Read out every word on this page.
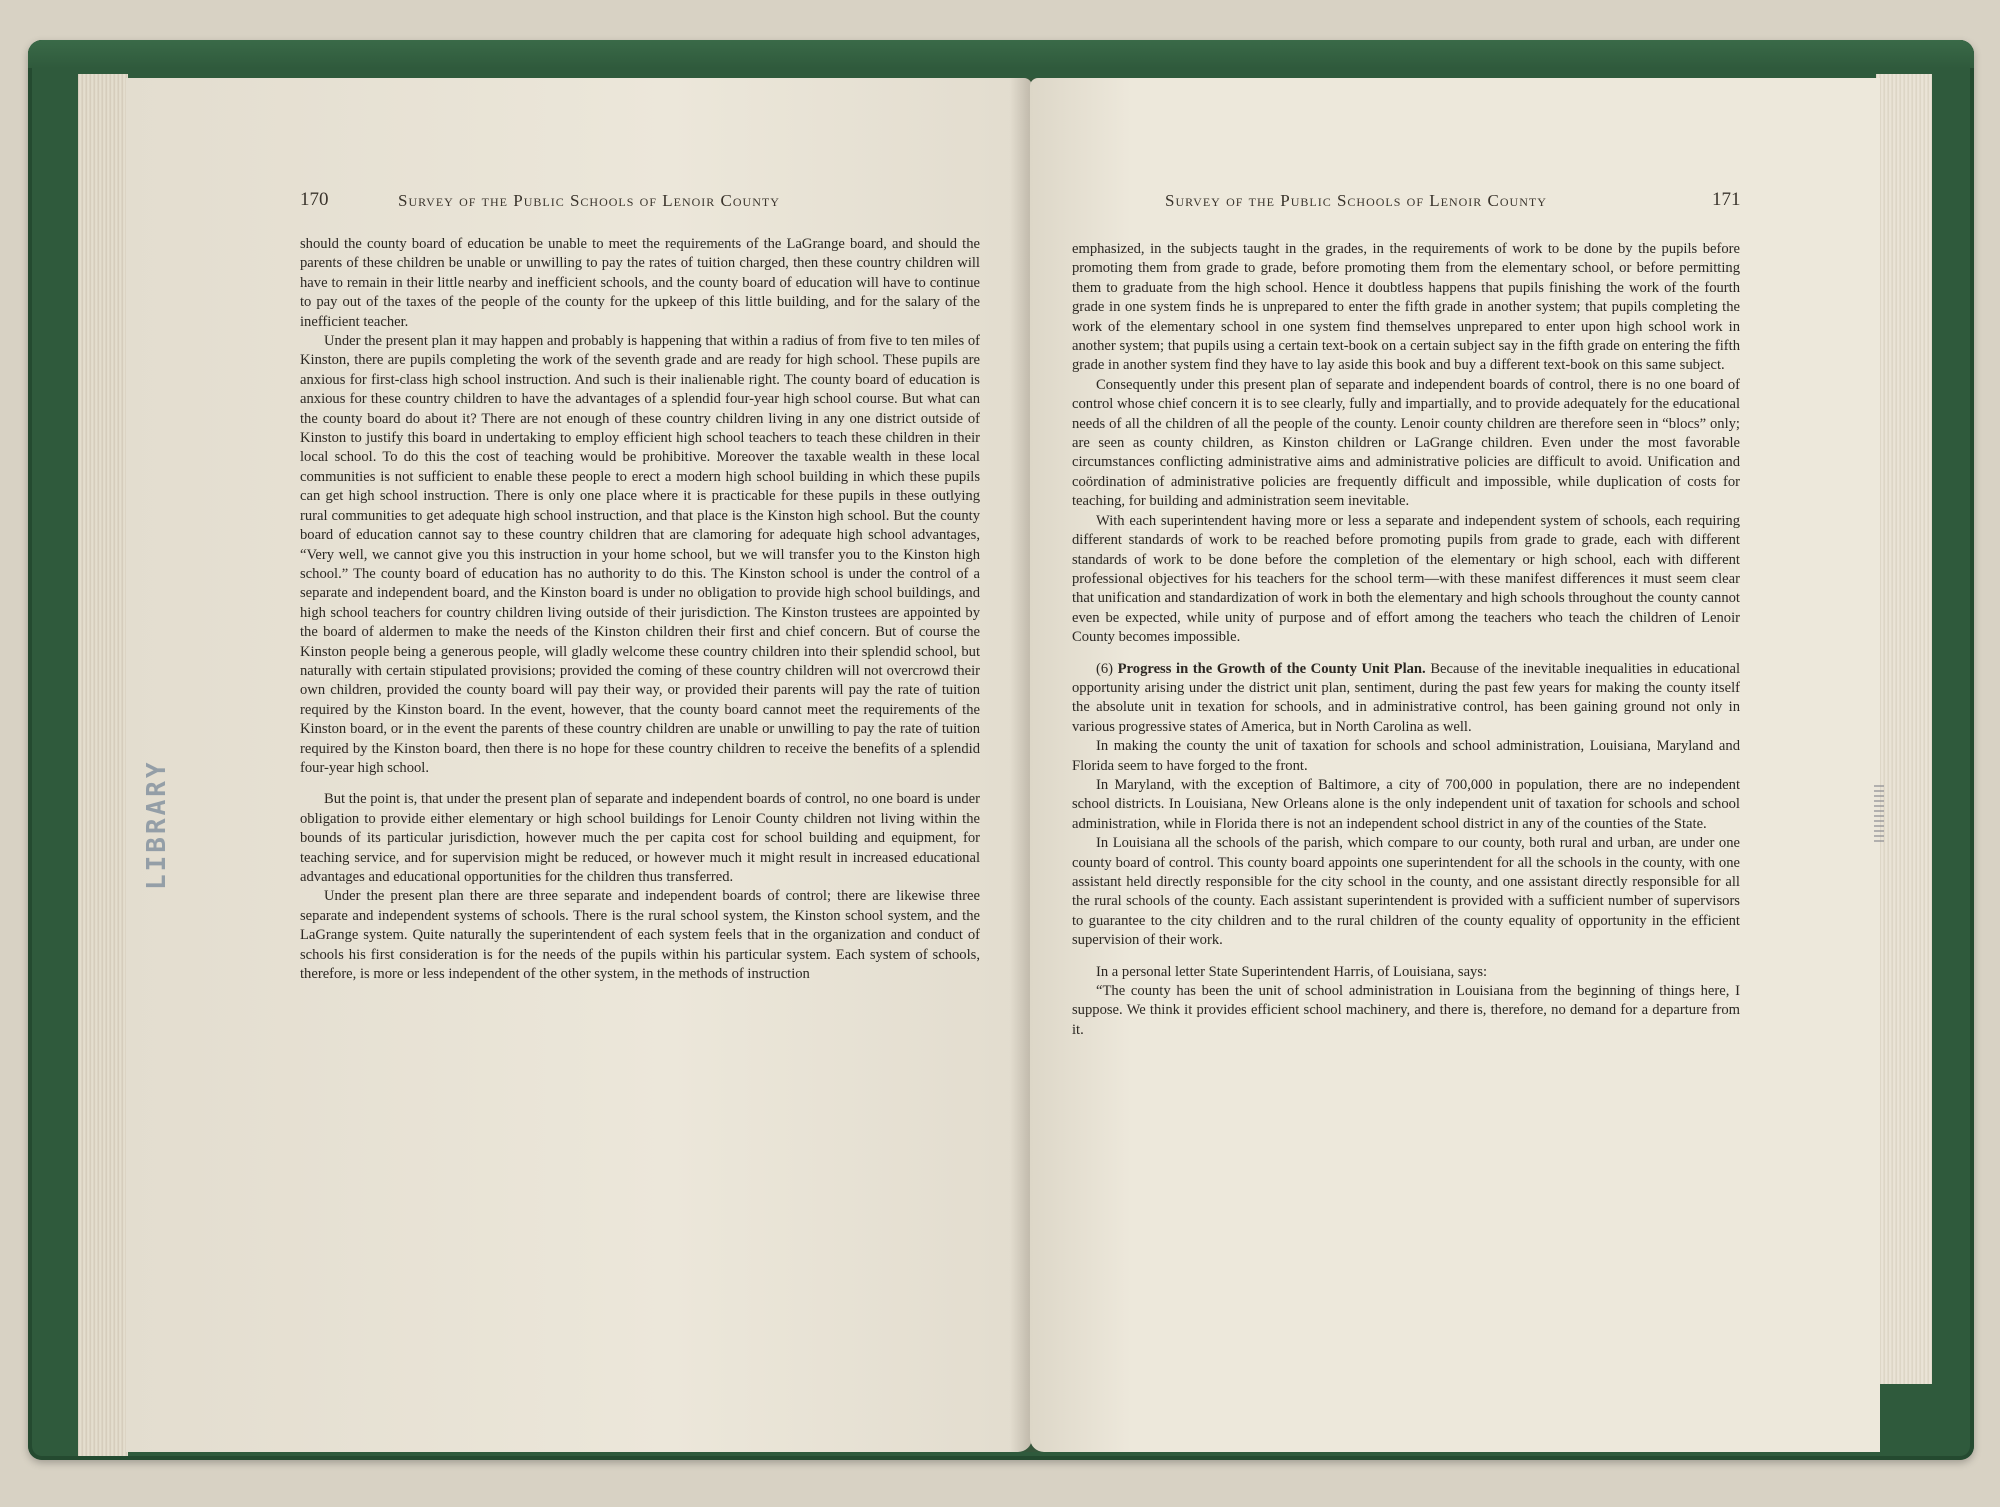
LIBRARY
170	Survey of the Public Schools of Lenoir County

should the county board of education be unable to meet the requirements of the LaGrange board, and should the parents of these children be unable or unwilling to pay the rates of tuition charged, then these country children will have to remain in their little nearby and inefficient schools, and the county board of education will have to continue to pay out of the taxes of the people of the county for the upkeep of this little building, and for the salary of the inefficient teacher.

Under the present plan it may happen and probably is happening that within a radius of from five to ten miles of Kinston, there are pupils completing the work of the seventh grade and are ready for high school. These pupils are anxious for first-class high school instruction. And such is their inalienable right. The county board of education is anxious for these country children to have the advantages of a splendid four-year high school course. But what can the county board do about it? There are not enough of these country children living in any one district outside of Kinston to justify this board in undertaking to employ efficient high school teachers to teach these children in their local school. To do this the cost of teaching would be prohibitive. Moreover the taxable wealth in these local communities is not sufficient to enable these people to erect a modern high school building in which these pupils can get high school instruction. There is only one place where it is practicable for these pupils in these outlying rural communities to get adequate high school instruction, and that place is the Kinston high school. But the county board of education cannot say to these country children that are clamoring for adequate high school advantages, “Very well, we cannot give you this instruction in your home school, but we will transfer you to the Kinston high school.” The county board of education has no authority to do this. The Kinston school is under the control of a separate and independent board, and the Kinston board is under no obligation to provide high school buildings, and high school teachers for country children living outside of their jurisdiction. The Kinston trustees are appointed by the board of aldermen to make the needs of the Kinston children their first and chief concern. But of course the Kinston people being a generous people, will gladly welcome these country children into their splendid school, but naturally with certain stipulated provisions; provided the coming of these country children will not overcrowd their own children, provided the county board will pay their way, or provided their parents will pay the rate of tuition required by the Kinston board. In the event, however, that the county board cannot meet the requirements of the Kinston board, or in the event the parents of these country children are unable or unwilling to pay the rate of tuition required by the Kinston board, then there is no hope for these country children to receive the benefits of a splendid four-year high school.

But the point is, that under the present plan of separate and independent boards of control, no one board is under obligation to provide either elementary or high school buildings for Lenoir County children not living within the bounds of its particular jurisdiction, however much the per capita cost for school building and equipment, for teaching service, and for supervision might be reduced, or however much it might result in increased educational advantages and educational opportunities for the children thus transferred.

Under the present plan there are three separate and independent boards of control; there are likewise three separate and independent systems of schools. There is the rural school system, the Kinston school system, and the LaGrange system. Quite naturally the superintendent of each system feels that in the organization and conduct of schools his first consideration is for the needs of the pupils within his particular system. Each system of schools, therefore, is more or less independent of the other system, in the methods of instruction

Survey of the Public Schools of Lenoir County	171

emphasized, in the subjects taught in the grades, in the requirements of work to be done by the pupils before promoting them from grade to grade, before promoting them from the elementary school, or before permitting them to graduate from the high school. Hence it doubtless happens that pupils finishing the work of the fourth grade in one system finds he is unprepared to enter the fifth grade in another system; that pupils completing the work of the elementary school in one system find themselves unprepared to enter upon high school work in another system; that pupils using a certain text-book on a certain subject say in the fifth grade on entering the fifth grade in another system find they have to lay aside this book and buy a different text-book on this same subject.

Consequently under this present plan of separate and independent boards of control, there is no one board of control whose chief concern it is to see clearly, fully and impartially, and to provide adequately for the educational needs of all the children of all the people of the county. Lenoir county children are therefore seen in “blocs” only; are seen as county children, as Kinston children or LaGrange children. Even under the most favorable circumstances conflicting administrative aims and administrative policies are difficult to avoid. Unification and coördination of administrative policies are frequently difficult and impossible, while duplication of costs for teaching, for building and administration seem inevitable.

With each superintendent having more or less a separate and independent system of schools, each requiring different standards of work to be reached before promoting pupils from grade to grade, each with different standards of work to be done before the completion of the elementary or high school, each with different professional objectives for his teachers for the school term—with these manifest differences it must seem clear that unification and standardization of work in both the elementary and high schools throughout the county cannot even be expected, while unity of purpose and of effort among the teachers who teach the children of Lenoir County becomes impossible.

(6) Progress in the Growth of the County Unit Plan. Because of the inevitable inequalities in educational opportunity arising under the district unit plan, sentiment, during the past few years for making the county itself the absolute unit in texation for schools, and in administrative control, has been gaining ground not only in various progressive states of America, but in North Carolina as well.

In making the county the unit of taxation for schools and school administration, Louisiana, Maryland and Florida seem to have forged to the front.

In Maryland, with the exception of Baltimore, a city of 700,000 in population, there are no independent school districts. In Louisiana, New Orleans alone is the only independent unit of taxation for schools and school administration, while in Florida there is not an independent school district in any of the counties of the State.

In Louisiana all the schools of the parish, which compare to our county, both rural and urban, are under one county board of control. This county board appoints one superintendent for all the schools in the county, with one assistant held directly responsible for the city school in the county, and one assistant directly responsible for all the rural schools of the county. Each assistant superintendent is provided with a sufficient number of supervisors to guarantee to the city children and to the rural children of the county equality of opportunity in the efficient supervision of their work.

In a personal letter State Superintendent Harris, of Louisiana, says:

“The county has been the unit of school administration in Louisiana from the beginning of things here, I suppose. We think it provides efficient school machinery, and there is, therefore, no demand for a departure from it.
